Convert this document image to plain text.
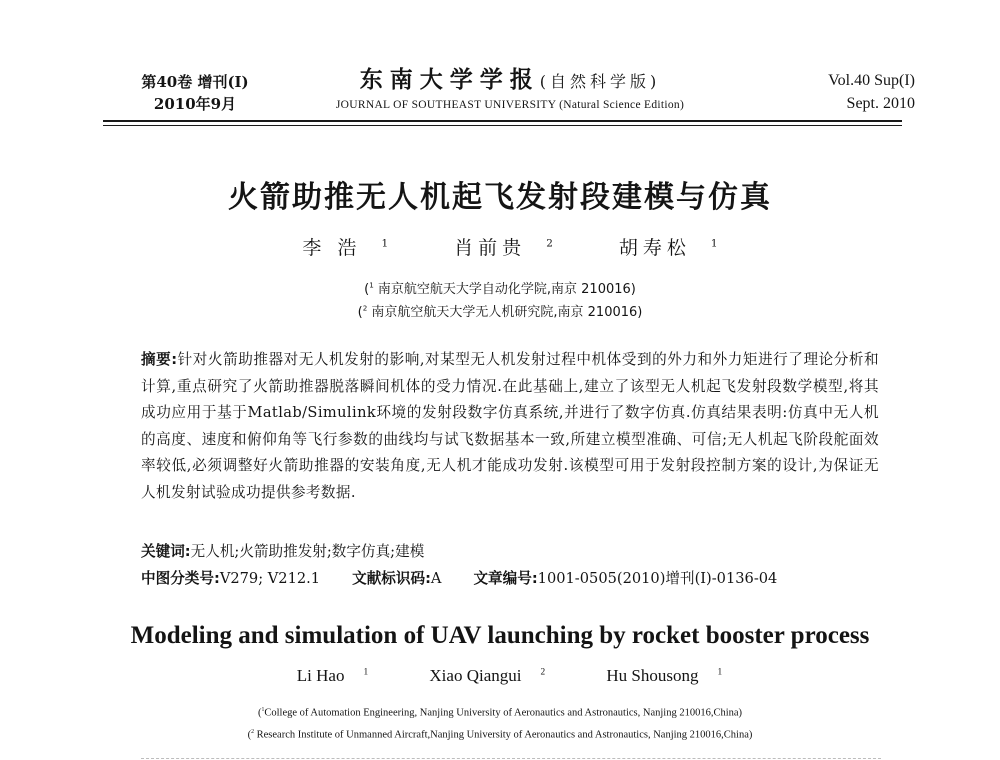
第40卷 增刊(I)
2010年9月
东南大学学报(自然科学版)
JOURNAL OF SOUTHEAST UNIVERSITY (Natural Science Edition)
Vol.40 Sup(I)
Sept. 2010
火箭助推无人机起飞发射段建模与仿真
李 浩 $^1$	肖前贵 $^2$	胡寿松 $^1$
($^1$ 南京航空航天大学自动化学院,南京 210016)
($^2$ 南京航空航天大学无人机研究院,南京 210016)
摘要:针对火箭助推器对无人机发射的影响,对某型无人机发射过程中机体受到的外力和外力矩进行了理论分析和计算,重点研究了火箭助推器脱落瞬间机体的受力情况.在此基础上,建立了该型无人机起飞发射段数学模型,将其成功应用于基于Matlab/Simulink环境的发射段数字仿真系统,并进行了数字仿真.仿真结果表明:仿真中无人机的高度、速度和俯仰角等飞行参数的曲线均与试飞数据基本一致,所建立模型准确、可信;无人机起飞阶段舵面效率较低,必须调整好火箭助推器的安装角度,无人机才能成功发射.该模型可用于发射段控制方案的设计,为保证无人机发射试验成功提供参考数据.
关键词:无人机;火箭助推发射;数字仿真;建模
中图分类号:V279; V212.1 文献标识码:A 文章编号:1001-0505(2010)增刊(I)-0136-04
Modeling and simulation of UAV launching by rocket booster process
Li Hao $^1$	Xiao Qiangui $^2$	Hu Shousong $^1$
($^1$College of Automation Engineering, Nanjing University of Aeronautics and Astronautics, Nanjing 210016,China)
($^2$ Research Institute of Unmanned Aircraft,Nanjing University of Aeronautics and Astronautics, Nanjing 210016,China)
